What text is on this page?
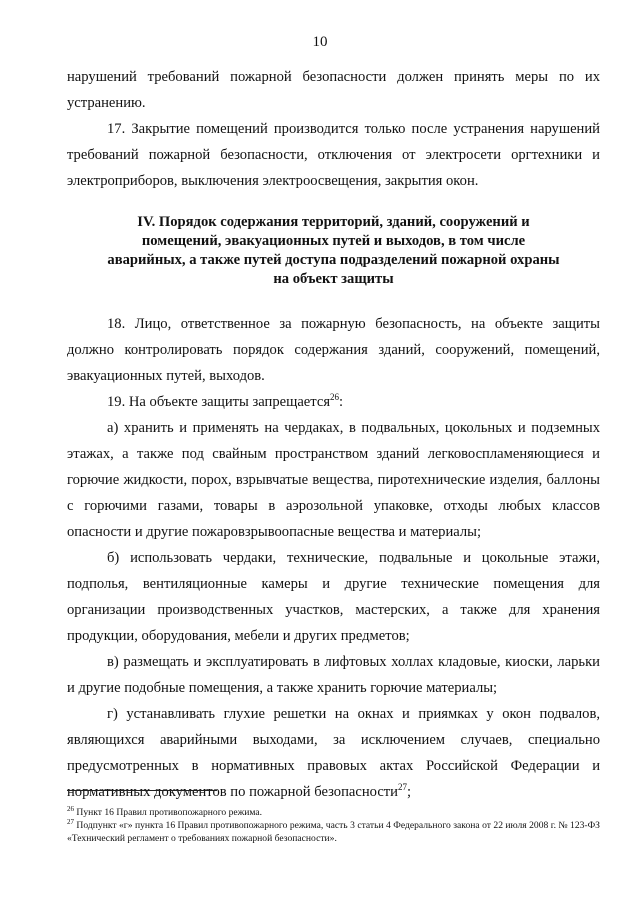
10

нарушений требований пожарной безопасности должен принять меры по их устранению.

17. Закрытие помещений производится только после устранения нарушений требований пожарной безопасности, отключения от электросети оргтехники и электроприборов, выключения электроосвещения, закрытия окон.

IV. Порядок содержания территорий, зданий, сооружений и помещений, эвакуационных путей и выходов, в том числе аварийных, а также путей доступа подразделений пожарной охраны на объект защиты

18. Лицо, ответственное за пожарную безопасность, на объекте защиты должно контролировать порядок содержания зданий, сооружений, помещений, эвакуационных путей, выходов.

19. На объекте защиты запрещается$^{26}$:

а) хранить и применять на чердаках, в подвальных, цокольных и подземных этажах, а также под свайным пространством зданий легковоспламеняющиеся и горючие жидкости, порох, взрывчатые вещества, пиротехнические изделия, баллоны с горючими газами, товары в аэрозольной упаковке, отходы любых классов опасности и другие пожаровзрывоопасные вещества и материалы;

б) использовать чердаки, технические, подвальные и цокольные этажи, подполья, вентиляционные камеры и другие технические помещения для организации производственных участков, мастерских, а также для хранения продукции, оборудования, мебели и других предметов;

в) размещать и эксплуатировать в лифтовых холлах кладовые, киоски, ларьки и другие подобные помещения, а также хранить горючие материалы;

г) устанавливать глухие решетки на окнах и приямках у окон подвалов, являющихся аварийными выходами, за исключением случаев, специально предусмотренных в нормативных правовых актах Российской Федерации и нормативных документов по пожарной безопасности$^{27}$;

$^{26}$ Пункт 16 Правил противопожарного режима.

$^{27}$ Подпункт «г» пункта 16 Правил противопожарного режима, часть 3 статьи 4 Федерального закона от 22 июля 2008 г. № 123-ФЗ «Технический регламент о требованиях пожарной безопасности».
